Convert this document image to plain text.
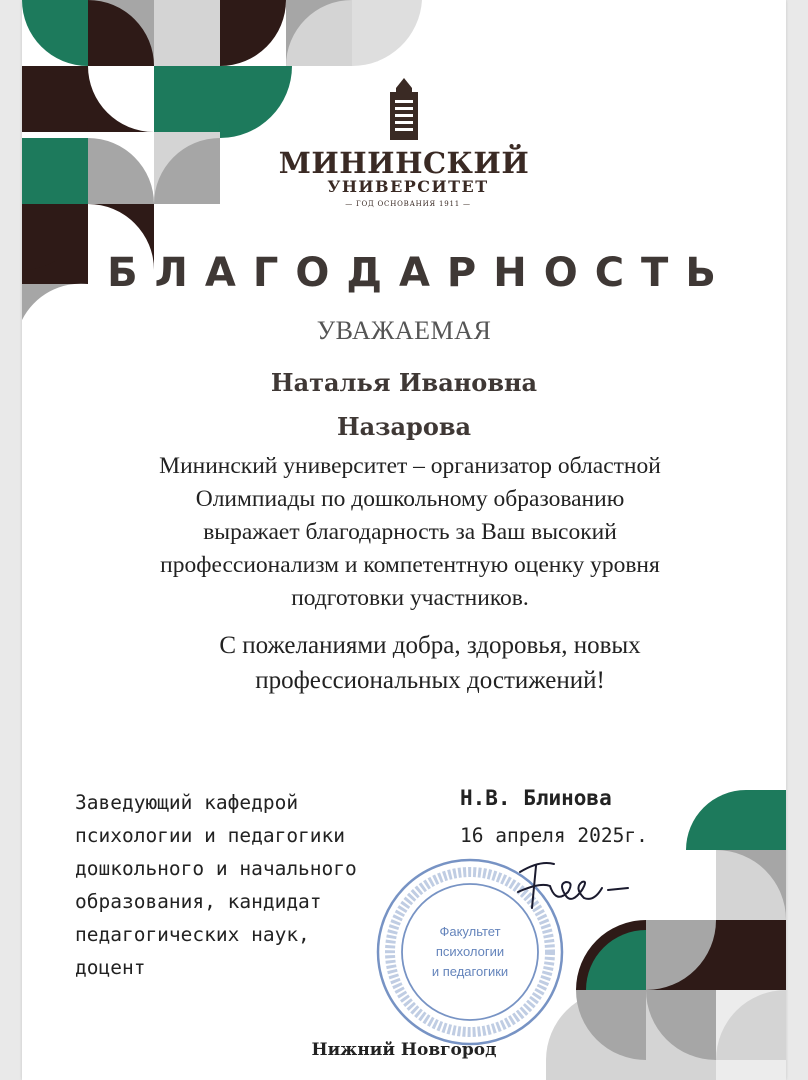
МИНИНСКИЙ
УНИВЕРСИТЕТ
— ГОД ОСНОВАНИЯ 1911 —
БЛАГОДАРНОСТЬ
УВАЖАЕМАЯ
Наталья Ивановна
Назарова
Мининский университет – организатор областной
Олимпиады по дошкольному образованию
выражает благодарность за Ваш высокий
профессионализм и компетентную оценку уровня
подготовки участников.
С пожеланиями добра, здоровья, новых
профессиональных достижений!
Факультет
психологии
и педагогики
Заведующий кафедрой
психологии и педагогики
дошкольного и начального
образования, кандидат
педагогических наук,
доцент
Н.В. Блинова
16 апреля 2025г.
Нижний Новгород
